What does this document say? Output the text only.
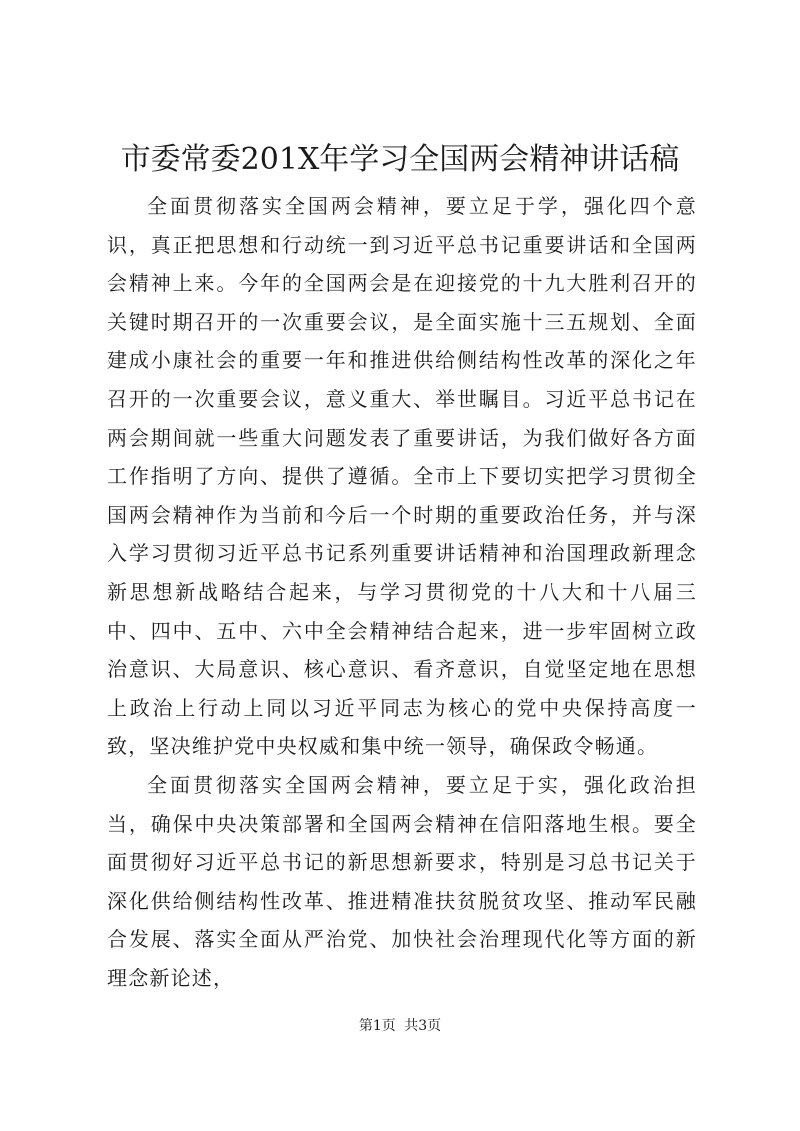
市委常委201X年学习全国两会精神讲话稿

全面贯彻落实全国两会精神，要立足于学，强化四个意识，真正把思想和行动统一到习近平总书记重要讲话和全国两会精神上来。今年的全国两会是在迎接党的十九大胜利召开的关键时期召开的一次重要会议，是全面实施十三五规划、全面建成小康社会的重要一年和推进供给侧结构性改革的深化之年召开的一次重要会议，意义重大、举世瞩目。习近平总书记在两会期间就一些重大问题发表了重要讲话，为我们做好各方面工作指明了方向、提供了遵循。全市上下要切实把学习贯彻全国两会精神作为当前和今后一个时期的重要政治任务，并与深入学习贯彻习近平总书记系列重要讲话精神和治国理政新理念新思想新战略结合起来，与学习贯彻党的十八大和十八届三中、四中、五中、六中全会精神结合起来，进一步牢固树立政治意识、大局意识、核心意识、看齐意识，自觉坚定地在思想上政治上行动上同以习近平同志为核心的党中央保持高度一致，坚决维护党中央权威和集中统一领导，确保政令畅通。

全面贯彻落实全国两会精神，要立足于实，强化政治担当，确保中央决策部署和全国两会精神在信阳落地生根。要全面贯彻好习近平总书记的新思想新要求，特别是习总书记关于深化供给侧结构性改革、推进精准扶贫脱贫攻坚、推动军民融合发展、落实全面从严治党、加快社会治理现代化等方面的新理念新论述，

第1页 共3页
